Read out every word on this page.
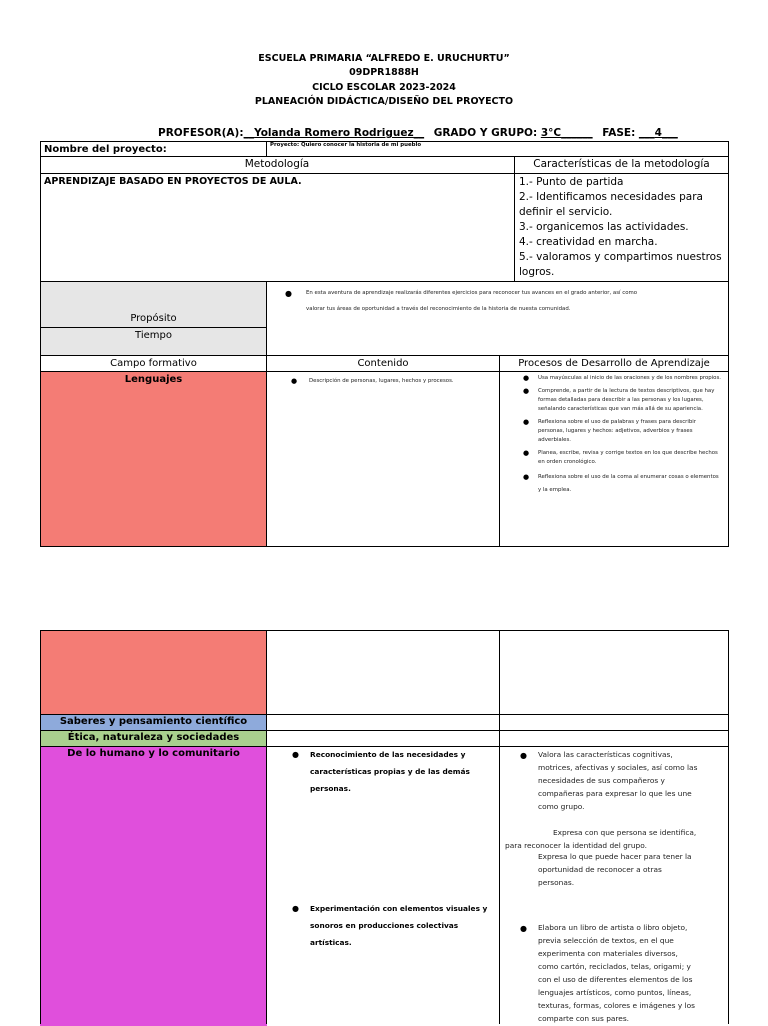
ESCUELA PRIMARIA “ALFREDO E. URUCHURTU”
09DPR1888H
CICLO ESCOLAR 2023-2024
PLANEACIÓN DIDÁCTICA/DISEÑO DEL PROYECTO
PROFESOR(A):__Yolanda Romero Rodriguez__ GRADO Y GRUPO: 3°C______ FASE: ___4___
Nombre del proyecto:	Proyecto: Quiero conocer la historia de mi pueblo
Metodología	Características de la metodología
APRENDIZAJE BASADO EN PROYECTOS DE AULA.	1.- Punto de partida
2.- Identificamos necesidades para
definir el servicio.
3.- organicemos las actividades.
4.- creatividad en marcha.
5.- valoramos y compartimos nuestros
logros.
Propósito
●	En esta aventura de aprendizaje realizarás diferentes ejercicios para reconocer tus avances en el grado anterior, así como
valorar tus áreas de oportunidad a través del reconocimiento de la historia de nuesta comunidad.
Tiempo
Campo formativo	Contenido	Procesos de Desarrollo de Aprendizaje
Lenguajes	● Descripción de personas, lugares, hechos y procesos.
●	Usa mayúsculas al inicio de las oraciones y de los nombres propios.
● Comprende, a partir de la lectura de textos descriptivos, que hay formas detalladas para describir a las personas y los lugares, señalando características que van más allá de su apariencia.
● Reflexiona sobre el uso de palabras y frases para describir personas, lugares y hechos: adjetivos, adverbios y frases adverbiales.
● Planea, escribe, revisa y corrige textos en los que describe hechos en orden cronológico.
● Reflexiona sobre el uso de la coma al enumerar cosas o elementos y la emplea.
Saberes y pensamiento científico
Ética, naturaleza y sociedades
De lo humano y lo comunitario	● Reconocimiento de las necesidades y
características propias y de las demás
personas.
● Experimentación con elementos visuales y
sonoros en producciones colectivas
artísticas.
● Valora las características cognitivas,
motrices, afectivas y sociales, así como las
necesidades de sus compañeros y
compañeras para expresar lo que les une
como grupo.
Expresa con que persona se identifica,
para reconocer la identidad del grupo.
Expresa lo que puede hacer para tener la
oportunidad de reconocer a otras
personas.
● Elabora un libro de artista o libro objeto,
previa selección de textos, en el que
experimenta con materiales diversos,
como cartón, reciclados, telas, origami; y
con el uso de diferentes elementos de los
lenguajes artísticos, como puntos, líneas,
texturas, formas, colores e imágenes y los
comparte con sus pares.
